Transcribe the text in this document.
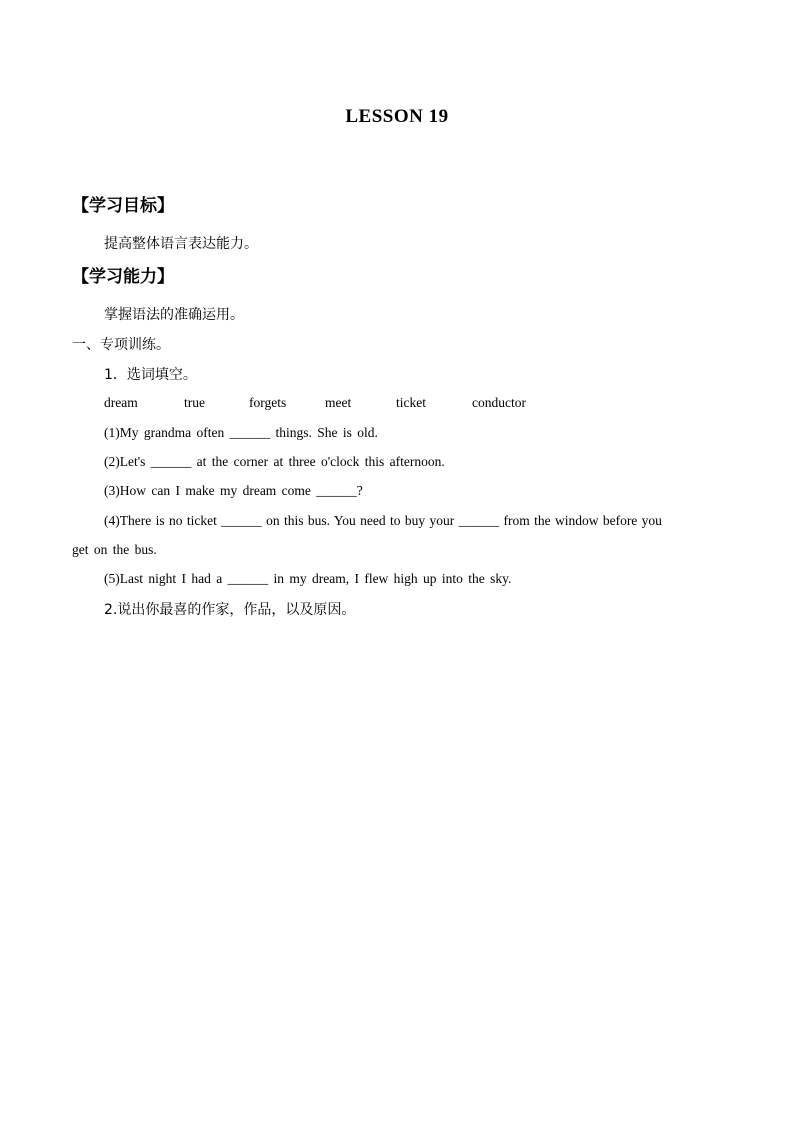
LESSON 19
【学习目标】
提高整体语言表达能力。
【学习能力】
掌握语法的准确运用。
一、专项训练。
1．选词填空。
dream	true	forgets	meet	ticket	conductor
(1)My grandma often ______ things. She is old.
(2)Let's ______ at the corner at three o'clock this afternoon.
(3)How can I make my dream come ______?
(4)There is no ticket ______ on this bus. You need to buy your ______ from the window before you
get on the bus.
(5)Last night I had a ______ in my dream, I flew high up into the sky.
2.说出你最喜的作家，作品，以及原因。
